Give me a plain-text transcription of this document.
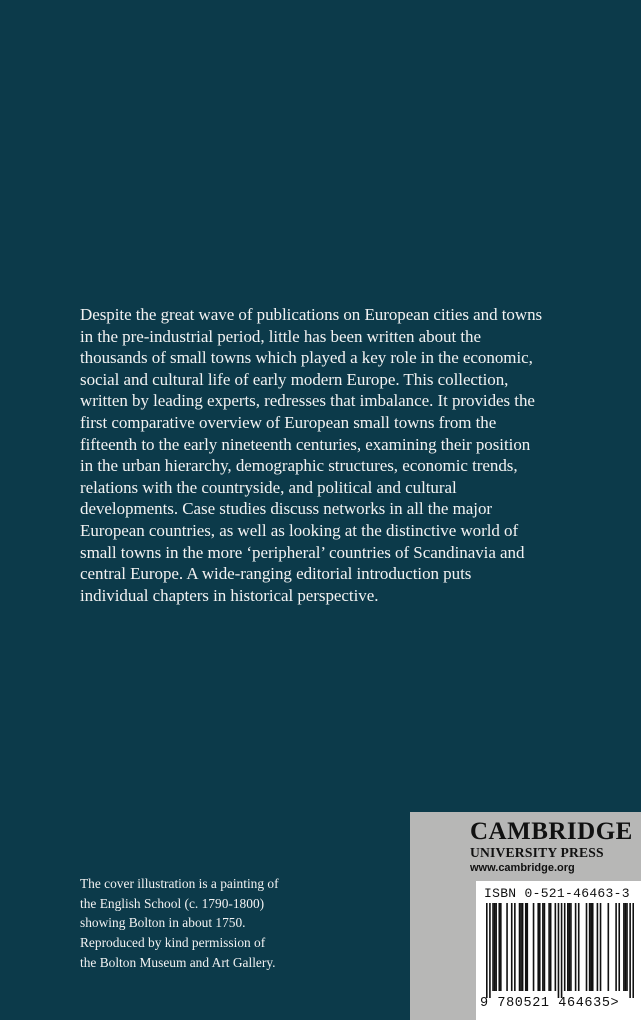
Despite the great wave of publications on European cities and towns
in the pre-industrial period, little has been written about the
thousands of small towns which played a key role in the economic,
social and cultural life of early modern Europe. This collection,
written by leading experts, redresses that imbalance. It provides the
first comparative overview of European small towns from the
fifteenth to the early nineteenth centuries, examining their position
in the urban hierarchy, demographic structures, economic trends,
relations with the countryside, and political and cultural
developments. Case studies discuss networks in all the major
European countries, as well as looking at the distinctive world of
small towns in the more ‘peripheral’ countries of Scandinavia and
central Europe. A wide-ranging editorial introduction puts
individual chapters in historical perspective.
The cover illustration is a painting of
the English School (c. 1790-1800)
showing Bolton in about 1750.
Reproduced by kind permission of
the Bolton Museum and Art Gallery.
CAMBRIDGE
UNIVERSITY PRESS
www.cambridge.org
ISBN 0-521-46463-3
9 780521 464635>
